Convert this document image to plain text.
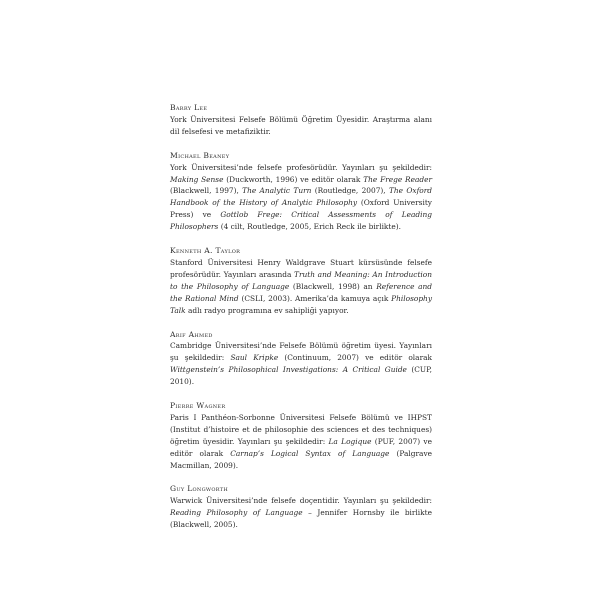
Barry Lee
York Üniversitesi Felsefe Bölümü Öğretim Üyesidir. Araştırma alanı dil felsefesi ve metafiziktir.
Michael Beaney
York Üniversitesi’nde felsefe profesörüdür. Yayınları şu şekildedir: Making Sense (Duckworth, 1996) ve editör olarak The Frege Reader (Blackwell, 1997), The Analytic Turn (Routledge, 2007), The Oxford Handbook of the History of Analytic Philosophy (Oxford University Press) ve Gottlob Frege: Critical Assessments of Leading Philosophers (4 cilt, Routledge, 2005, Erich Reck ile birlikte).
Kenneth A. Taylor
Stanford Üniversitesi Henry Waldgrave Stuart kürsüsünde felsefe profesörüdür. Yayınları arasında Truth and Meaning: An Introduction to the Philosophy of Language (Blackwell, 1998) an Reference and the Rational Mind (CSLI, 2003). Amerika’da kamuya açık Philosophy Talk adlı radyo programına ev sahipliği yapıyor.
Arif Ahmed
Cambridge Üniversitesi’nde Felsefe Bölümü öğretim üyesi. Yayınları şu şekildedir: Saul Kripke (Continuum, 2007) ve editör olarak Wittgenstein’s Philosophical Investigations: A Critical Guide (CUP, 2010).
Pierre Wagner
Paris I Panthéon-Sorbonne Üniversitesi Felsefe Bölümü ve IHPST (Institut d’histoire et de philosophie des sciences et des techniques) öğretim üyesidir. Yayınları şu şekildedir: La Logique (PUF, 2007) ve editör olarak Carnap’s Logical Syntax of Language (Palgrave Macmillan, 2009).
Guy Longworth
Warwick Üniversitesi’nde felsefe doçentidir. Yayınları şu şekildedir: Reading Philosophy of Language – Jennifer Hornsby ile birlikte (Blackwell, 2005).
